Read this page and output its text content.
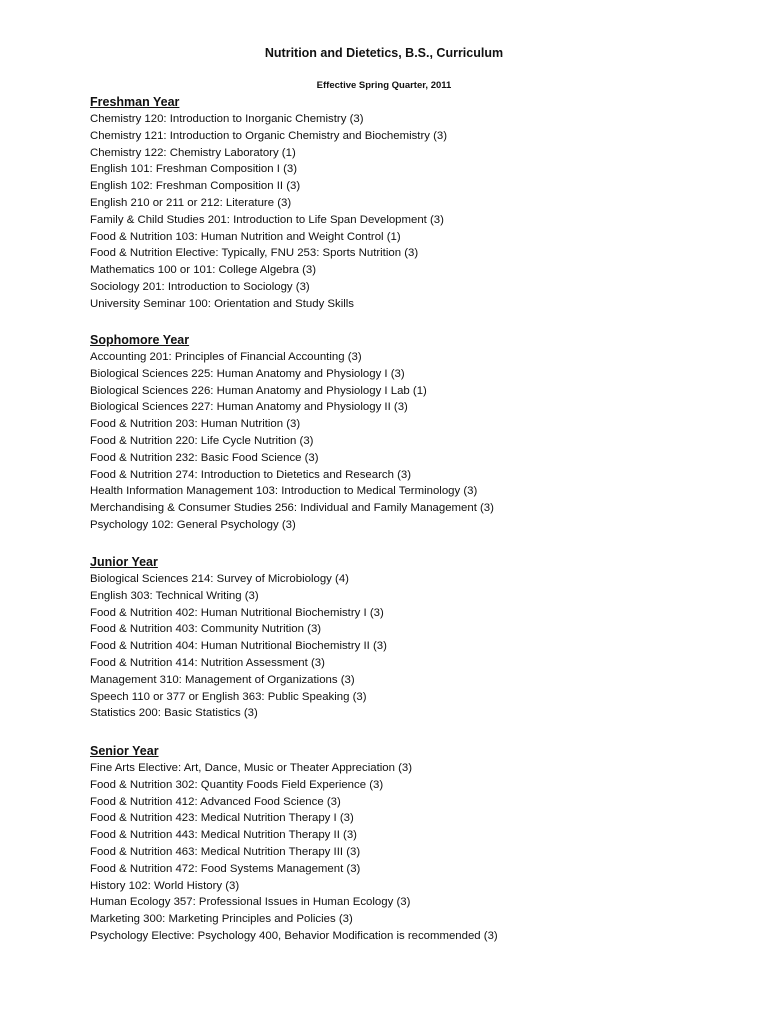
Nutrition and Dietetics, B.S., Curriculum

Effective Spring Quarter, 2011

Freshman Year
Chemistry 120: Introduction to Inorganic Chemistry (3)
Chemistry 121: Introduction to Organic Chemistry and Biochemistry (3)
Chemistry 122: Chemistry Laboratory (1)
English 101: Freshman Composition I (3)
English 102: Freshman Composition II (3)
English 210 or 211 or 212: Literature (3)
Family & Child Studies 201: Introduction to Life Span Development (3)
Food & Nutrition 103: Human Nutrition and Weight Control (1)
Food & Nutrition Elective: Typically, FNU 253: Sports Nutrition (3)
Mathematics 100 or 101: College Algebra (3)
Sociology 201: Introduction to Sociology (3)
University Seminar 100: Orientation and Study Skills
Sophomore Year
Accounting 201: Principles of Financial Accounting (3)
Biological Sciences 225: Human Anatomy and Physiology I (3)
Biological Sciences 226: Human Anatomy and Physiology I Lab (1)
Biological Sciences 227: Human Anatomy and Physiology II (3)
Food & Nutrition 203: Human Nutrition (3)
Food & Nutrition 220: Life Cycle Nutrition (3)
Food & Nutrition 232: Basic Food Science (3)
Food & Nutrition 274: Introduction to Dietetics and Research (3)
Health Information Management 103: Introduction to Medical Terminology (3)
Merchandising & Consumer Studies 256: Individual and Family Management (3)
Psychology 102: General Psychology (3)
Junior Year
Biological Sciences 214: Survey of Microbiology (4)
English 303: Technical Writing (3)
Food & Nutrition 402: Human Nutritional Biochemistry I (3)
Food & Nutrition 403: Community Nutrition (3)
Food & Nutrition 404: Human Nutritional Biochemistry II (3)
Food & Nutrition 414: Nutrition Assessment (3)
Management 310: Management of Organizations (3)
Speech 110 or 377 or English 363: Public Speaking (3)
Statistics 200: Basic Statistics (3)
Senior Year
Fine Arts Elective: Art, Dance, Music or Theater Appreciation (3)
Food & Nutrition 302: Quantity Foods Field Experience (3)
Food & Nutrition 412: Advanced Food Science (3)
Food & Nutrition 423: Medical Nutrition Therapy I (3)
Food & Nutrition 443: Medical Nutrition Therapy II (3)
Food & Nutrition 463: Medical Nutrition Therapy III (3)
Food & Nutrition 472: Food Systems Management (3)
History 102: World History (3)
Human Ecology 357: Professional Issues in Human Ecology (3)
Marketing 300: Marketing Principles and Policies (3)
Psychology Elective: Psychology 400, Behavior Modification is recommended (3)
